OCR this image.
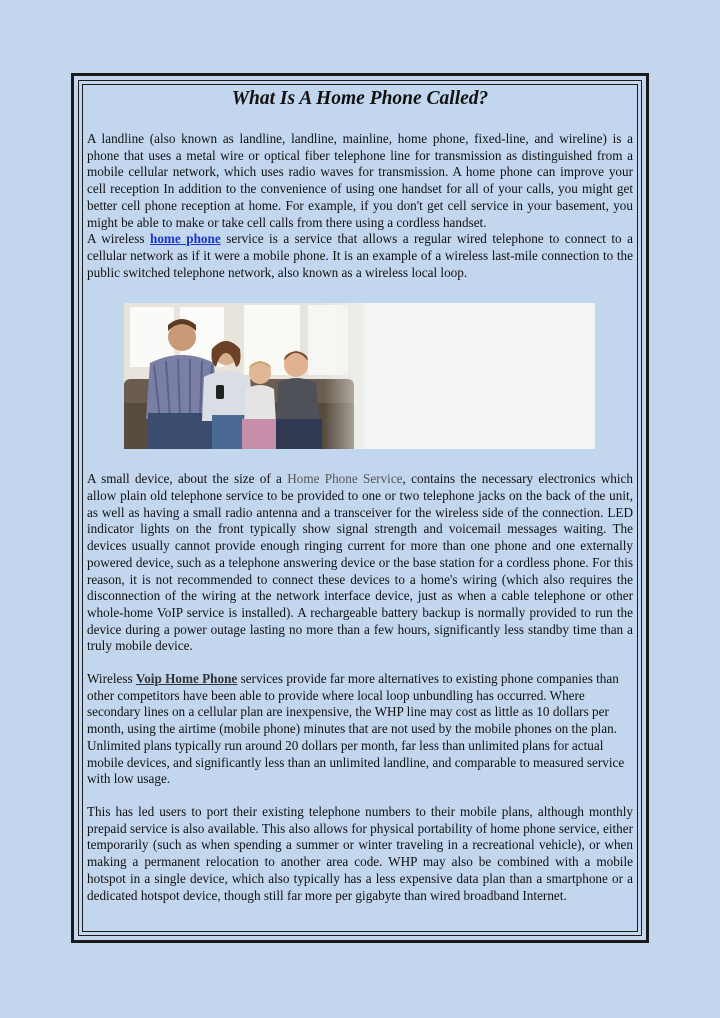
What Is A Home Phone Called?

A landline (also known as landline, landline, mainline, home phone, fixed-line, and wireline) is a phone that uses a metal wire or optical fiber telephone line for transmission as distinguished from a mobile cellular network, which uses radio waves for transmission. A home phone can improve your cell reception In addition to the convenience of using one handset for all of your calls, you might get better cell phone reception at home. For example, if you don't get cell service in your basement, you might be able to make or take cell calls from there using a cordless handset.

A wireless home phone service is a service that allows a regular wired telephone to connect to a cellular network as if it were a mobile phone. It is an example of a wireless last-mile connection to the public switched telephone network, also known as a wireless local loop.

A small device, about the size of a Home Phone Service, contains the necessary electronics which allow plain old telephone service to be provided to one or two telephone jacks on the back of the unit, as well as having a small radio antenna and a transceiver for the wireless side of the connection. LED indicator lights on the front typically show signal strength and voicemail messages waiting. The devices usually cannot provide enough ringing current for more than one phone and one externally powered device, such as a telephone answering device or the base station for a cordless phone. For this reason, it is not recommended to connect these devices to a home's wiring (which also requires the disconnection of the wiring at the network interface device, just as when a cable telephone or other whole-home VoIP service is installed). A rechargeable battery backup is normally provided to run the device during a power outage lasting no more than a few hours, significantly less standby time than a truly mobile device.

Wireless Voip Home Phone services provide far more alternatives to existing phone companies than other competitors have been able to provide where local loop unbundling has occurred. Where secondary lines on a cellular plan are inexpensive, the WHP line may cost as little as 10 dollars per month, using the airtime (mobile phone) minutes that are not used by the mobile phones on the plan. Unlimited plans typically run around 20 dollars per month, far less than unlimited plans for actual mobile devices, and significantly less than an unlimited landline, and comparable to measured service with low usage.

This has led users to port their existing telephone numbers to their mobile plans, although monthly prepaid service is also available. This also allows for physical portability of home phone service, either temporarily (such as when spending a summer or winter traveling in a recreational vehicle), or when making a permanent relocation to another area code. WHP may also be combined with a mobile hotspot in a single device, which also typically has a less expensive data plan than a smartphone or a dedicated hotspot device, though still far more per gigabyte than wired broadband Internet.
